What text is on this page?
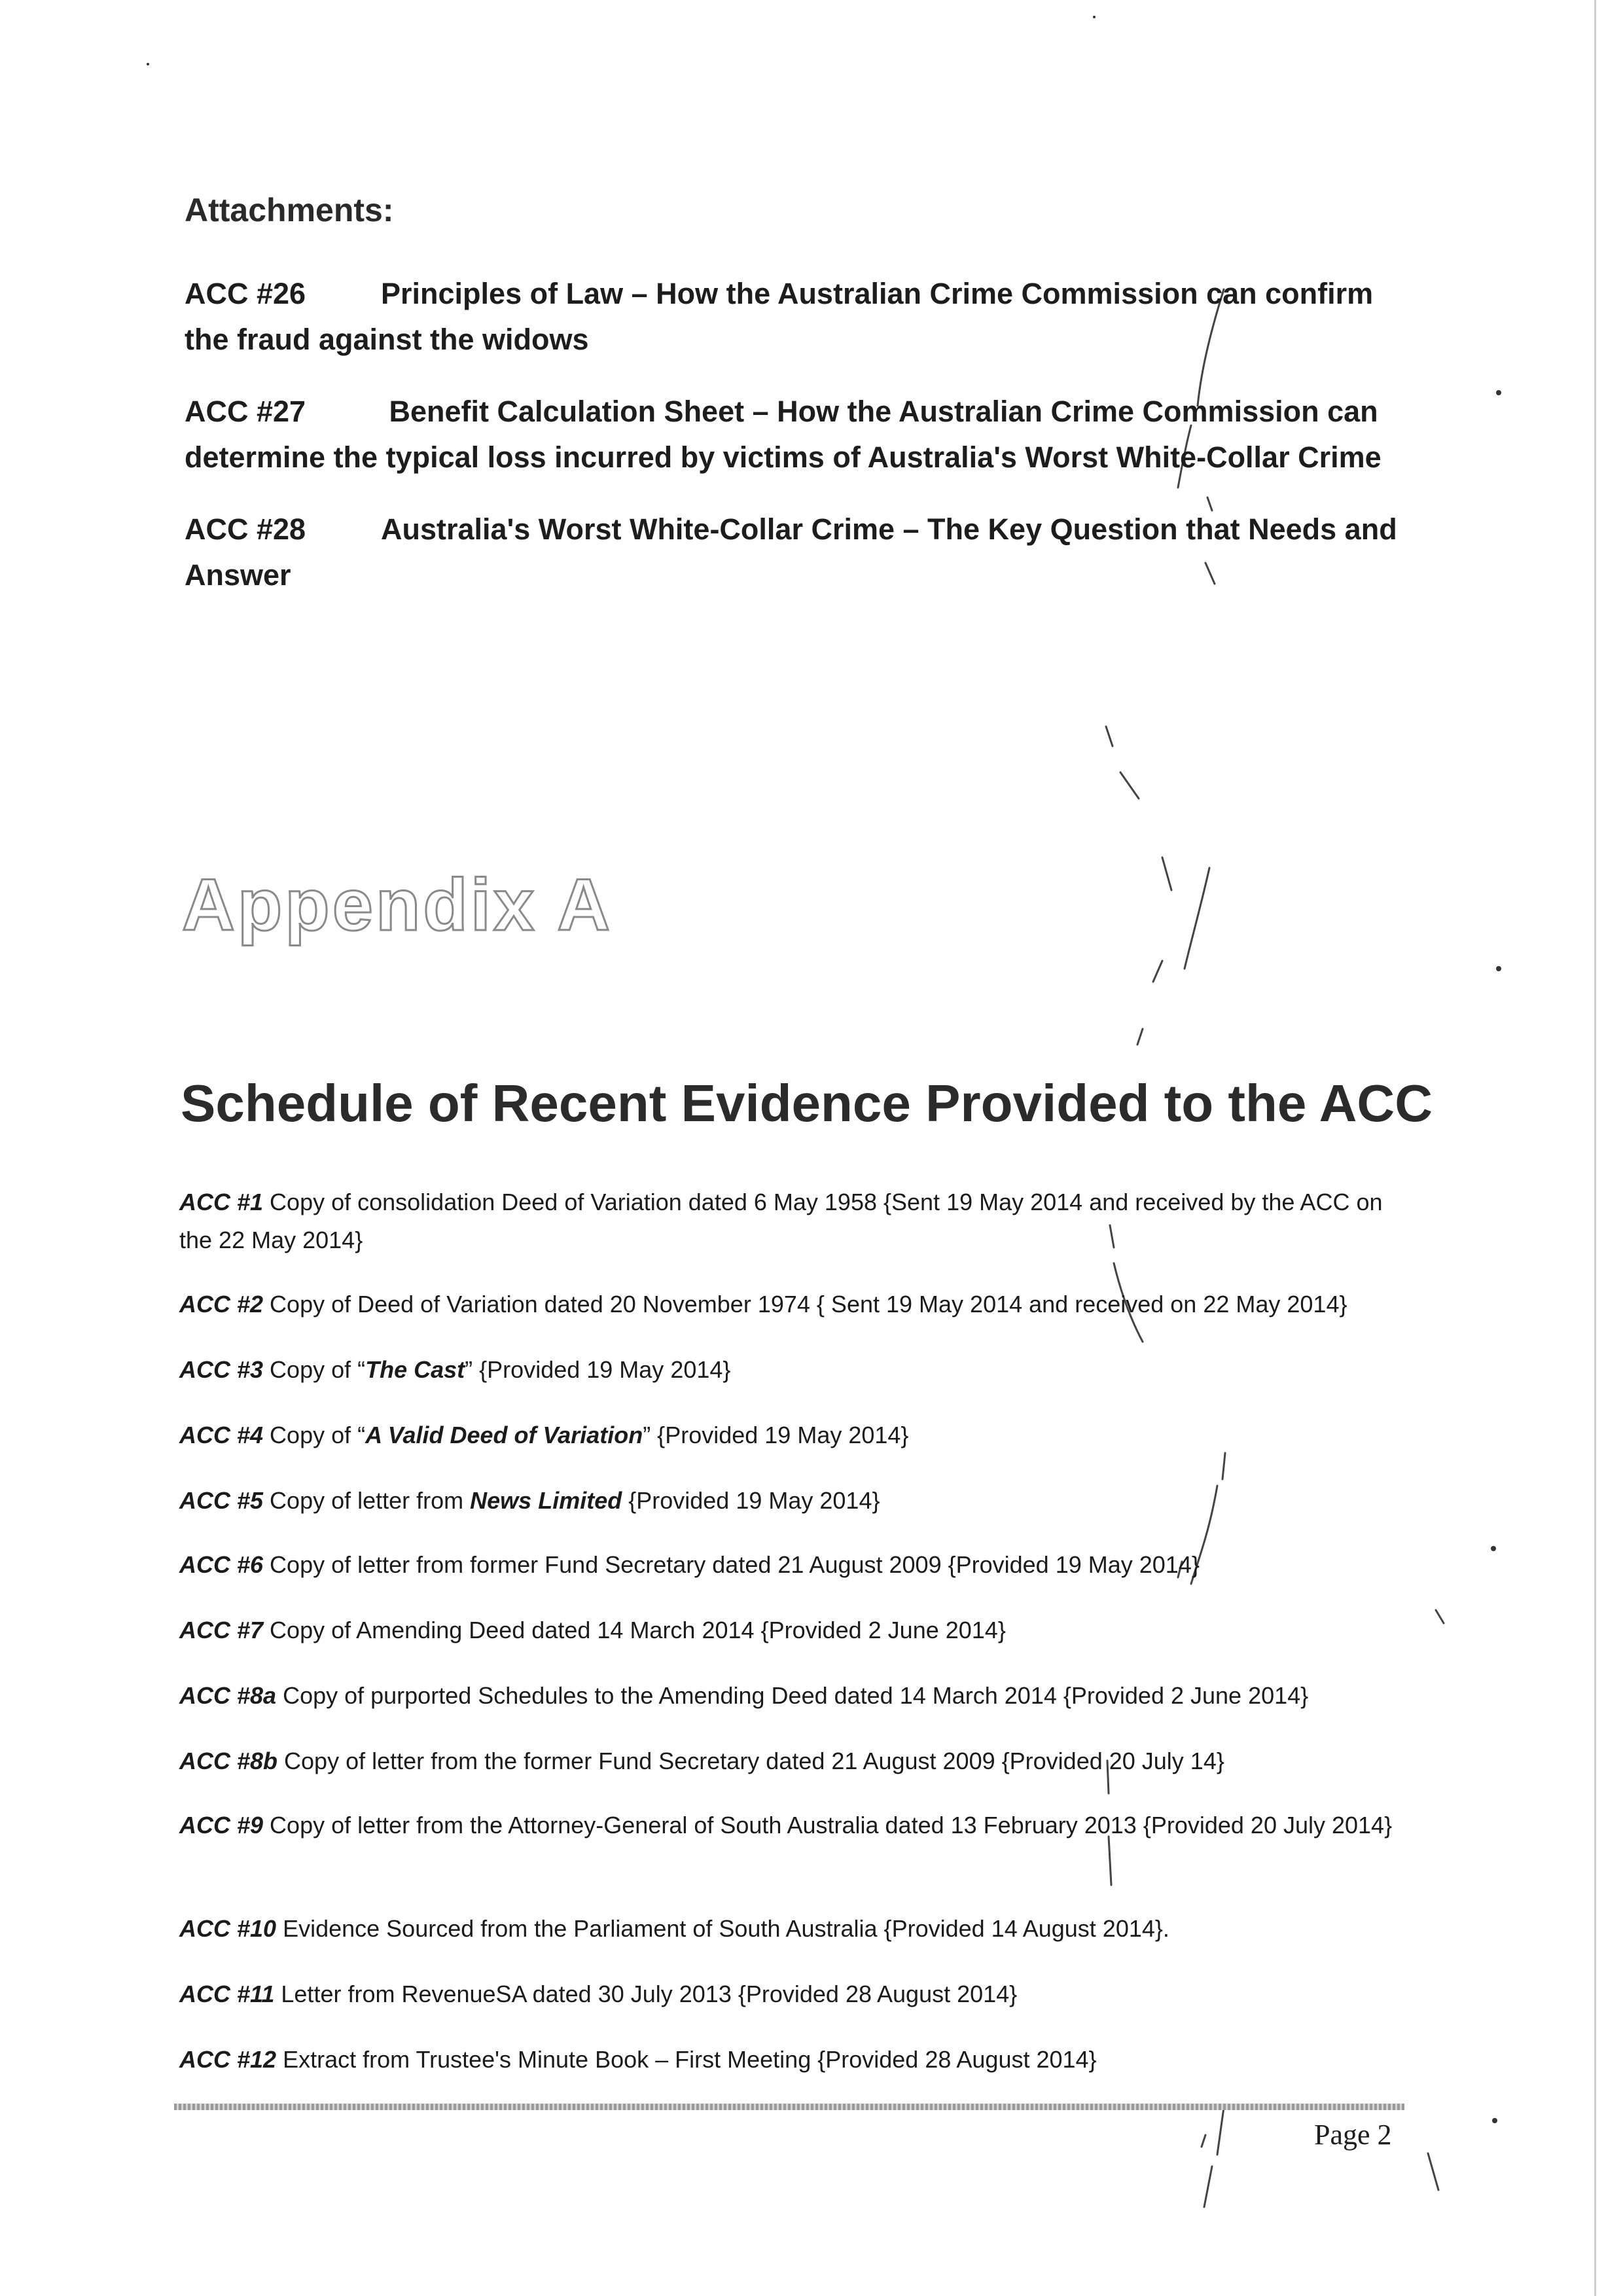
Attachments:
ACC #26	Principles of Law – How the Australian Crime Commission can confirm the fraud against the widows
ACC #27	Benefit Calculation Sheet – How the Australian Crime Commission can determine the typical loss incurred by victims of Australia's Worst White-Collar Crime
ACC #28	Australia's Worst White-Collar Crime – The Key Question that Needs and Answer
Appendix A
Schedule of Recent Evidence Provided to the ACC
ACC #1 Copy of consolidation Deed of Variation dated 6 May 1958 {Sent 19 May 2014 and received by the ACC on the 22 May 2014}
ACC #2 Copy of Deed of Variation dated 20 November 1974 { Sent 19 May 2014 and received on 22 May 2014}
ACC #3 Copy of “The Cast” {Provided 19 May 2014}
ACC #4 Copy of “A Valid Deed of Variation” {Provided 19 May 2014}
ACC #5 Copy of letter from News Limited {Provided 19 May 2014}
ACC #6 Copy of letter from former Fund Secretary dated 21 August 2009 {Provided 19 May 2014}
ACC #7 Copy of Amending Deed dated 14 March 2014 {Provided 2 June 2014}
ACC #8a Copy of purported Schedules to the Amending Deed dated 14 March 2014 {Provided 2 June 2014}
ACC #8b Copy of letter from the former Fund Secretary dated 21 August 2009 {Provided 20 July 14}
ACC #9 Copy of letter from the Attorney-General of South Australia dated 13 February 2013 {Provided 20 July 2014}
ACC #10 Evidence Sourced from the Parliament of South Australia {Provided 14 August 2014}.
ACC #11 Letter from RevenueSA dated 30 July 2013 {Provided 28 August 2014}
ACC #12 Extract from Trustee's Minute Book – First Meeting {Provided 28 August 2014}
Page 2
